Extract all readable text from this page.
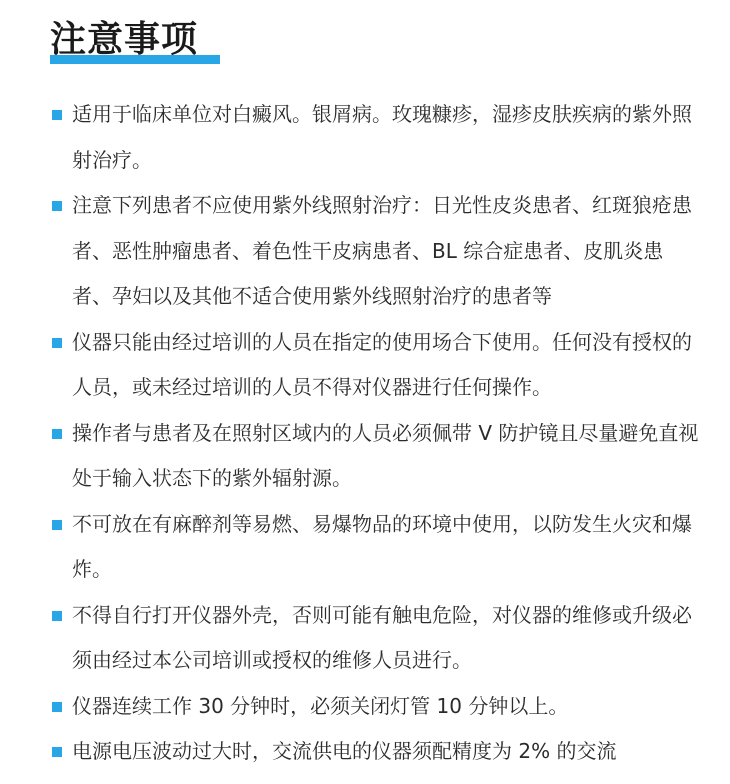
注意事项
适用于临床单位对白癜风。银屑病。玫瑰糠疹，湿疹皮肤疾病的紫外照射治疗。
注意下列患者不应使用紫外线照射治疗：日光性皮炎患者、红斑狼疮患者、恶性肿瘤患者、着色性干皮病患者、BL 综合症患者、皮肌炎患者、孕妇以及其他不适合使用紫外线照射治疗的患者等
仪器只能由经过培训的人员在指定的使用场合下使用。任何没有授权的人员，或未经过培训的人员不得对仪器进行任何操作。
操作者与患者及在照射区域内的人员必须佩带 V 防护镜且尽量避免直视处于输入状态下的紫外辐射源。
不可放在有麻醉剂等易燃、易爆物品的环境中使用，以防发生火灾和爆炸。
不得自行打开仪器外壳，否则可能有触电危险，对仪器的维修或升级必须由经过本公司培训或授权的维修人员进行。
仪器连续工作 30 分钟时，必须关闭灯管 10 分钟以上。
电源电压波动过大时，交流供电的仪器须配精度为 2% 的交流
